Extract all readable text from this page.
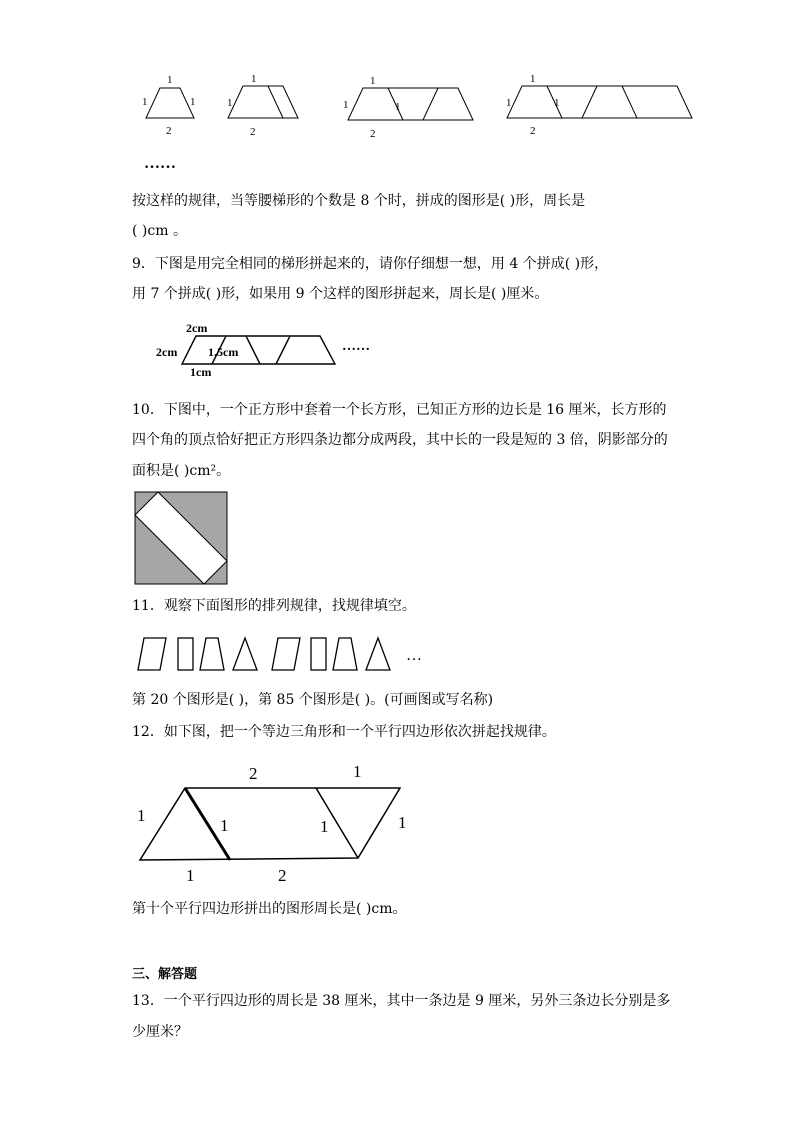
1
1	1
2
1
1
2
1
1	1
2
1
1	1
2
……
按这样的规律，当等腰梯形的个数是 8 个时，拼成的图形是( )形，周长是
( )cm 。
9．下图是用完全相同的梯形拼起来的，请你仔细想一想，用 4 个拼成( )形，
用 7 个拼成( )形，如果用 9 个这样的图形拼起来，周长是( )厘米。
2cm
2cm	1.5cm
1cm
……
10．下图中，一个正方形中套着一个长方形，已知正方形的边长是 16 厘米，长方形的
四个角的顶点恰好把正方形四条边都分成两段，其中长的一段是短的 3 倍，阴影部分的
面积是( )cm²。
11．观察下面图形的排列规律，找规律填空。
…
第 20 个图形是( )，第 85 个图形是( )。(可画图或写名称)
12．如下图，把一个等边三角形和一个平行四边形依次拼起找规律。
2	1
1
1	1	1
1	2
第十个平行四边形拼出的图形周长是( )cm。
三、解答题
13．一个平行四边形的周长是 38 厘米，其中一条边是 9 厘米，另外三条边长分别是多
少厘米？
